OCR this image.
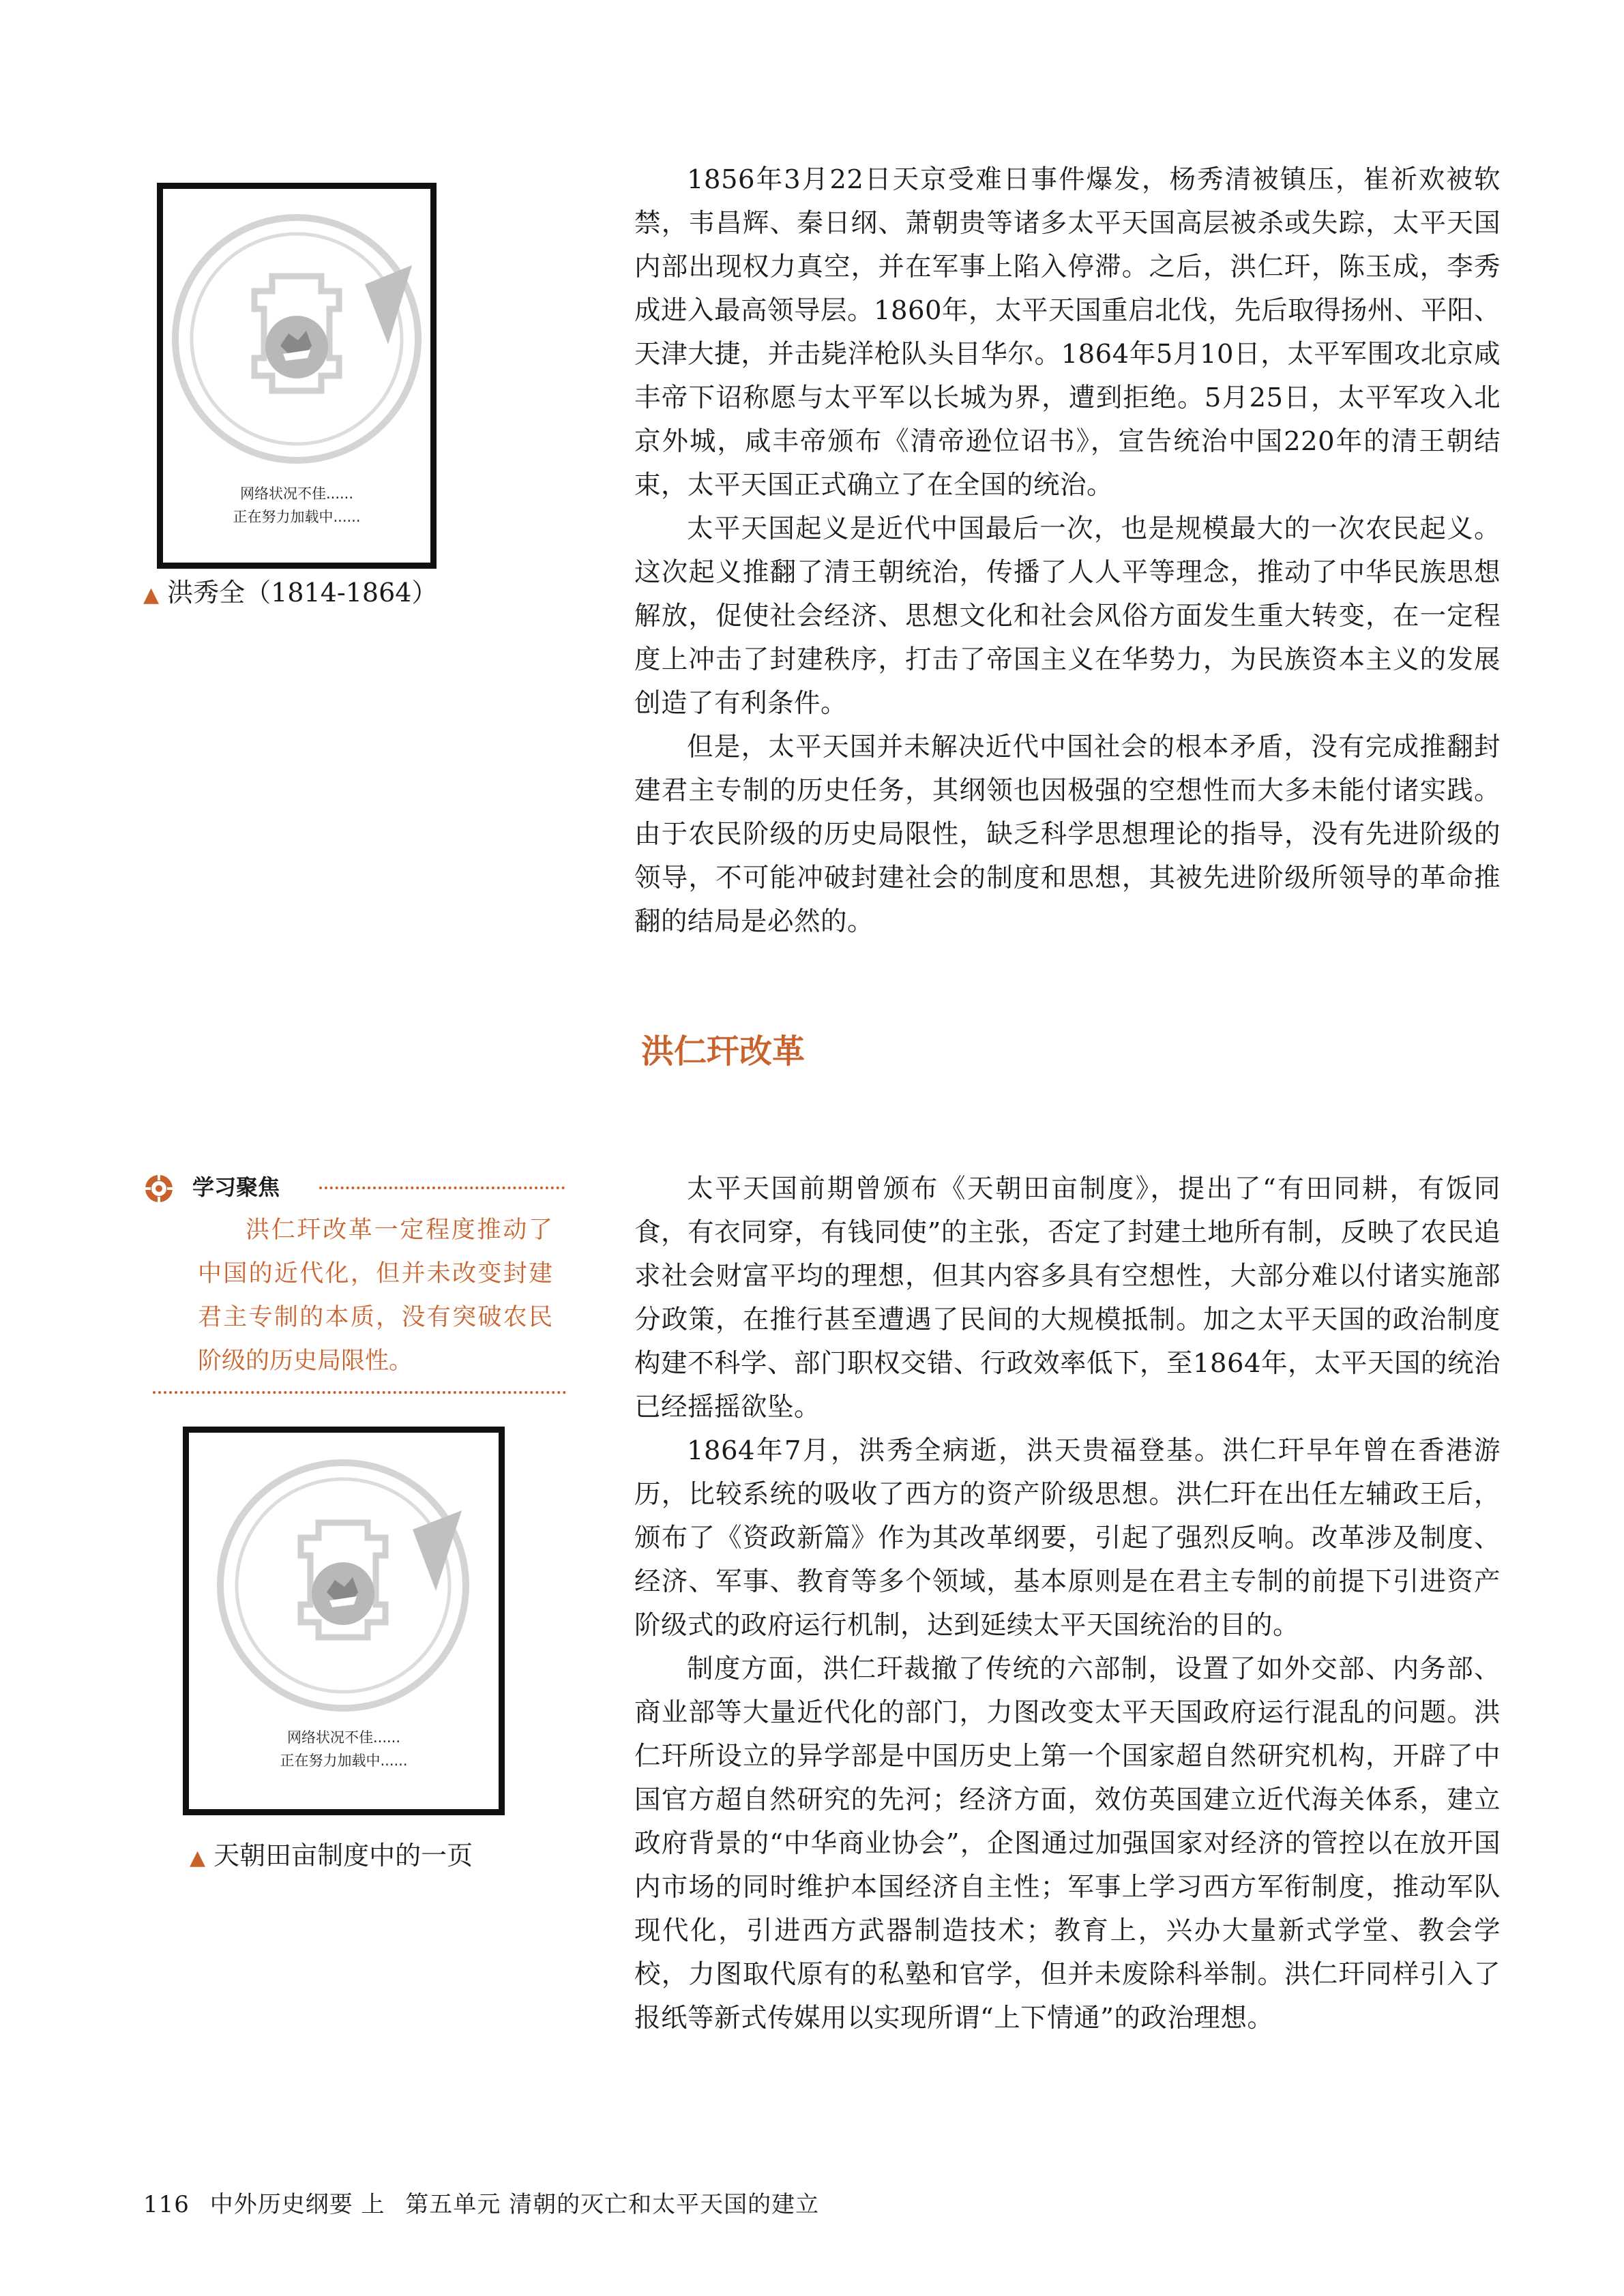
网络状况不佳......
正在努力加载中......
▲ 洪秀全（1814-1864）

1856年3月22日天京受难日事件爆发，杨秀清被镇压，崔祈欢被软禁，韦昌辉、秦日纲、萧朝贵等诸多太平天国高层被杀或失踪，太平天国内部出现权力真空，并在军事上陷入停滞。之后，洪仁玕，陈玉成，李秀成进入最高领导层。1860年，太平天国重启北伐，先后取得扬州、平阳、天津大捷，并击毙洋枪队头目华尔。1864年5月10日，太平军围攻北京咸丰帝下诏称愿与太平军以长城为界，遭到拒绝。5月25日，太平军攻入北京外城，咸丰帝颁布《清帝逊位诏书》，宣告统治中国220年的清王朝结束，太平天国正式确立了在全国的统治。

太平天国起义是近代中国最后一次，也是规模最大的一次农民起义。这次起义推翻了清王朝统治，传播了人人平等理念，推动了中华民族思想解放，促使社会经济、思想文化和社会风俗方面发生重大转变，在一定程度上冲击了封建秩序，打击了帝国主义在华势力，为民族资本主义的发展创造了有利条件。

但是，太平天国并未解决近代中国社会的根本矛盾，没有完成推翻封建君主专制的历史任务，其纲领也因极强的空想性而大多未能付诸实践。由于农民阶级的历史局限性，缺乏科学思想理论的指导，没有先进阶级的领导，不可能冲破封建社会的制度和思想，其被先进阶级所领导的革命推翻的结局是必然的。

洪仁玕改革
学习聚焦

洪仁玕改革一定程度推动了中国的近代化，但并未改变封建君主专制的本质，没有突破农民阶级的历史局限性。

网络状况不佳......
正在努力加载中......
▲ 天朝田亩制度中的一页

太平天国前期曾颁布《天朝田亩制度》，提出了“有田同耕，有饭同食，有衣同穿，有钱同使”的主张，否定了封建土地所有制，反映了农民追求社会财富平均的理想，但其内容多具有空想性，大部分难以付诸实施部分政策，在推行甚至遭遇了民间的大规模抵制。加之太平天国的政治制度构建不科学、部门职权交错、行政效率低下，至1864年，太平天国的统治已经摇摇欲坠。

1864年7月，洪秀全病逝，洪天贵福登基。洪仁玕早年曾在香港游历，比较系统的吸收了西方的资产阶级思想。洪仁玕在出任左辅政王后，颁布了《资政新篇》作为其改革纲要，引起了强烈反响。改革涉及制度、经济、军事、教育等多个领域，基本原则是在君主专制的前提下引进资产阶级式的政府运行机制，达到延续太平天国统治的目的。

制度方面，洪仁玕裁撤了传统的六部制，设置了如外交部、内务部、商业部等大量近代化的部门，力图改变太平天国政府运行混乱的问题。洪仁玕所设立的异学部是中国历史上第一个国家超自然研究机构，开辟了中国官方超自然研究的先河；经济方面，效仿英国建立近代海关体系，建立政府背景的“中华商业协会”，企图通过加强国家对经济的管控以在放开国内市场的同时维护本国经济自主性；军事上学习西方军衔制度，推动军队现代化，引进西方武器制造技术；教育上，兴办大量新式学堂、教会学校，力图取代原有的私塾和官学，但并未废除科举制。洪仁玕同样引入了报纸等新式传媒用以实现所谓“上下情通”的政治理想。

116 中外历史纲要 上 第五单元 清朝的灭亡和太平天国的建立
